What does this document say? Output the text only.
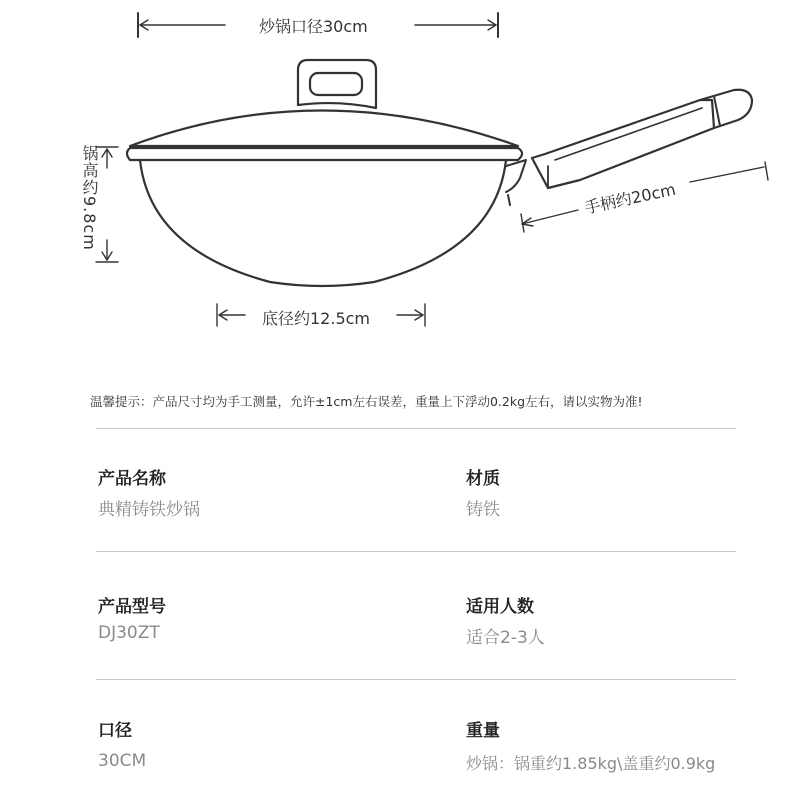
炒锅口径30cm
锅高约9.8cm
底径约12.5cm
手柄约20cm
温馨提示：产品尺寸均为手工测量，允许±1cm左右误差，重量上下浮动0.2kg左右，请以实物为准!
产品名称
典精铸铁炒锅
材质
铸铁
产品型号
DJ30ZT
适用人数
适合2-3人
口径
30CM
重量
炒锅：锅重约1.85kg\盖重约0.9kg
